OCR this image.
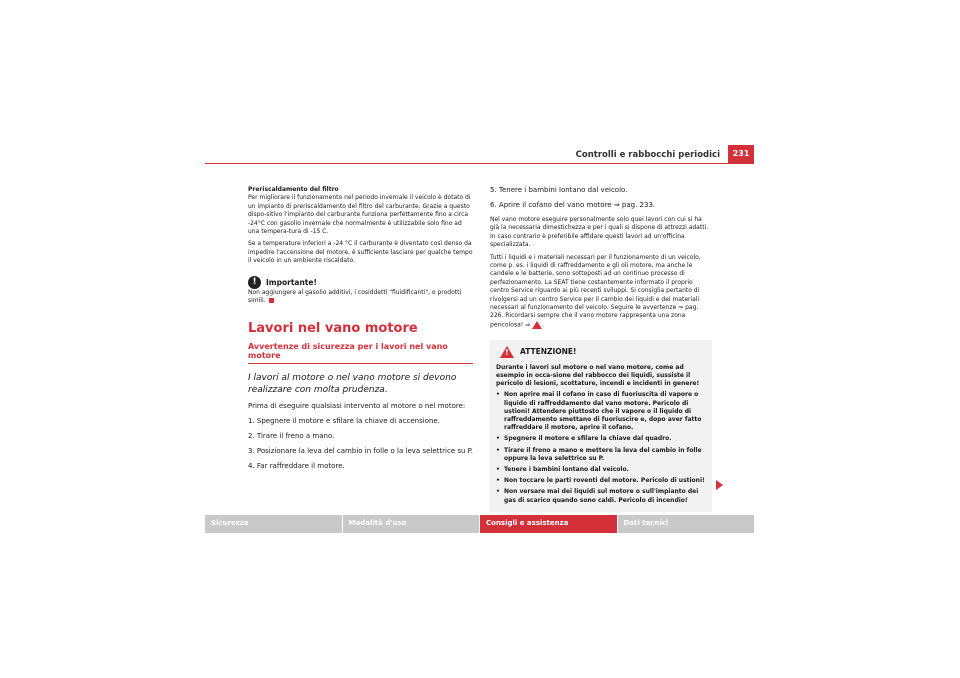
Controlli e rabbocchi periodici	231

Preriscaldamento del filtro

Per migliorare il funzionamento nel periodo invernale il veicolo è dotato di un impianto di preriscaldamento del filtro del carburante. Grazie a questo dispo-sitivo l'impianto del carburante funziona perfettamente fino a circa -24°C con gasolio invernale che normalmente è utilizzabile solo fino ad una tempera-tura di -15 C.

Se a temperature inferiori a -24 °C il carburante è diventato così denso da impedire l'accensione del motore, è sufficiente lasciare per qualche tempo il veicolo in un ambiente riscaldato.

!	Importante!

Non aggiungere al gasolio additivi, i cosiddetti "fluidificanti", o prodotti simili.

Lavori nel vano motore
Avvertenze di sicurezza per i lavori nel vano motore

I lavori al motore o nel vano motore si devono realizzare con molta prudenza.

Prima di eseguire qualsiasi intervento al motore o nel motore:

1. Spegnere il motore e sfilare la chiave di accensione.

2. Tirare il freno a mano.

3. Posizionare la leva del cambio in folle o la leva selettrice su P.

4. Far raffreddare il motore.

5. Tenere i bambini lontano dal veicolo.

6. Aprire il cofano del vano motore ⇒ pag. 233.

Nel vano motore eseguire personalmente solo quei lavori con cui si ha già la necessaria dimestichezza e per i quali si dispone di attrezzi adatti. In caso contrario è preferibile affidare questi lavori ad un'officina specializzata.

Tutti i liquidi e i materiali necessari per il funzionamento di un veicolo, come p. es. i liquidi di raffreddamento e gli oli motore, ma anche le candele e le batterie, sono sottoposti ad un continuo processo di perfezionamento. La SEAT tiene costantemente informato il proprio centro Service riguardo ai più recenti sviluppi. Si consiglia pertanto di rivolgersi ad un centro Service per il cambio dei liquidi e dei materiali necessari al funzionamento del veicolo. Seguire le avvertenze ⇒ pag. 226. Ricordarsi sempre che il vano motore rappresenta una zona pericolosa! ⇒ .

! ATTENZIONE!

Durante i lavori sul motore o nel vano motore, come ad esempio in occa-sione del rabbocco dei liquidi, sussiste il pericolo di lesioni, scottature, incendi e incidenti in genere!

• Non aprire mai il cofano in caso di fuoriuscita di vapore o liquido di raffreddamento dal vano motore. Pericolo di ustioni! Attendere piuttosto che il vapore o il liquido di raffreddamento smettano di fuoriuscire e, dopo aver fatto raffreddare il motore, aprire il cofano.
• Spegnere il motore e sfilare la chiave dal quadro.
• Tirare il freno a mano e mettere la leva del cambio in folle oppure la leva selettrice su P.
• Tenere i bambini lontano dal veicolo.
• Non toccare le parti roventi del motore. Pericolo di ustioni!
• Non versare mai dei liquidi sul motore o sull'impianto dei gas di scarico quando sono caldi. Pericolo di incendio!
Sicurezza	Modalità d'uso	Consigli e assistenza	Dati tecnici
